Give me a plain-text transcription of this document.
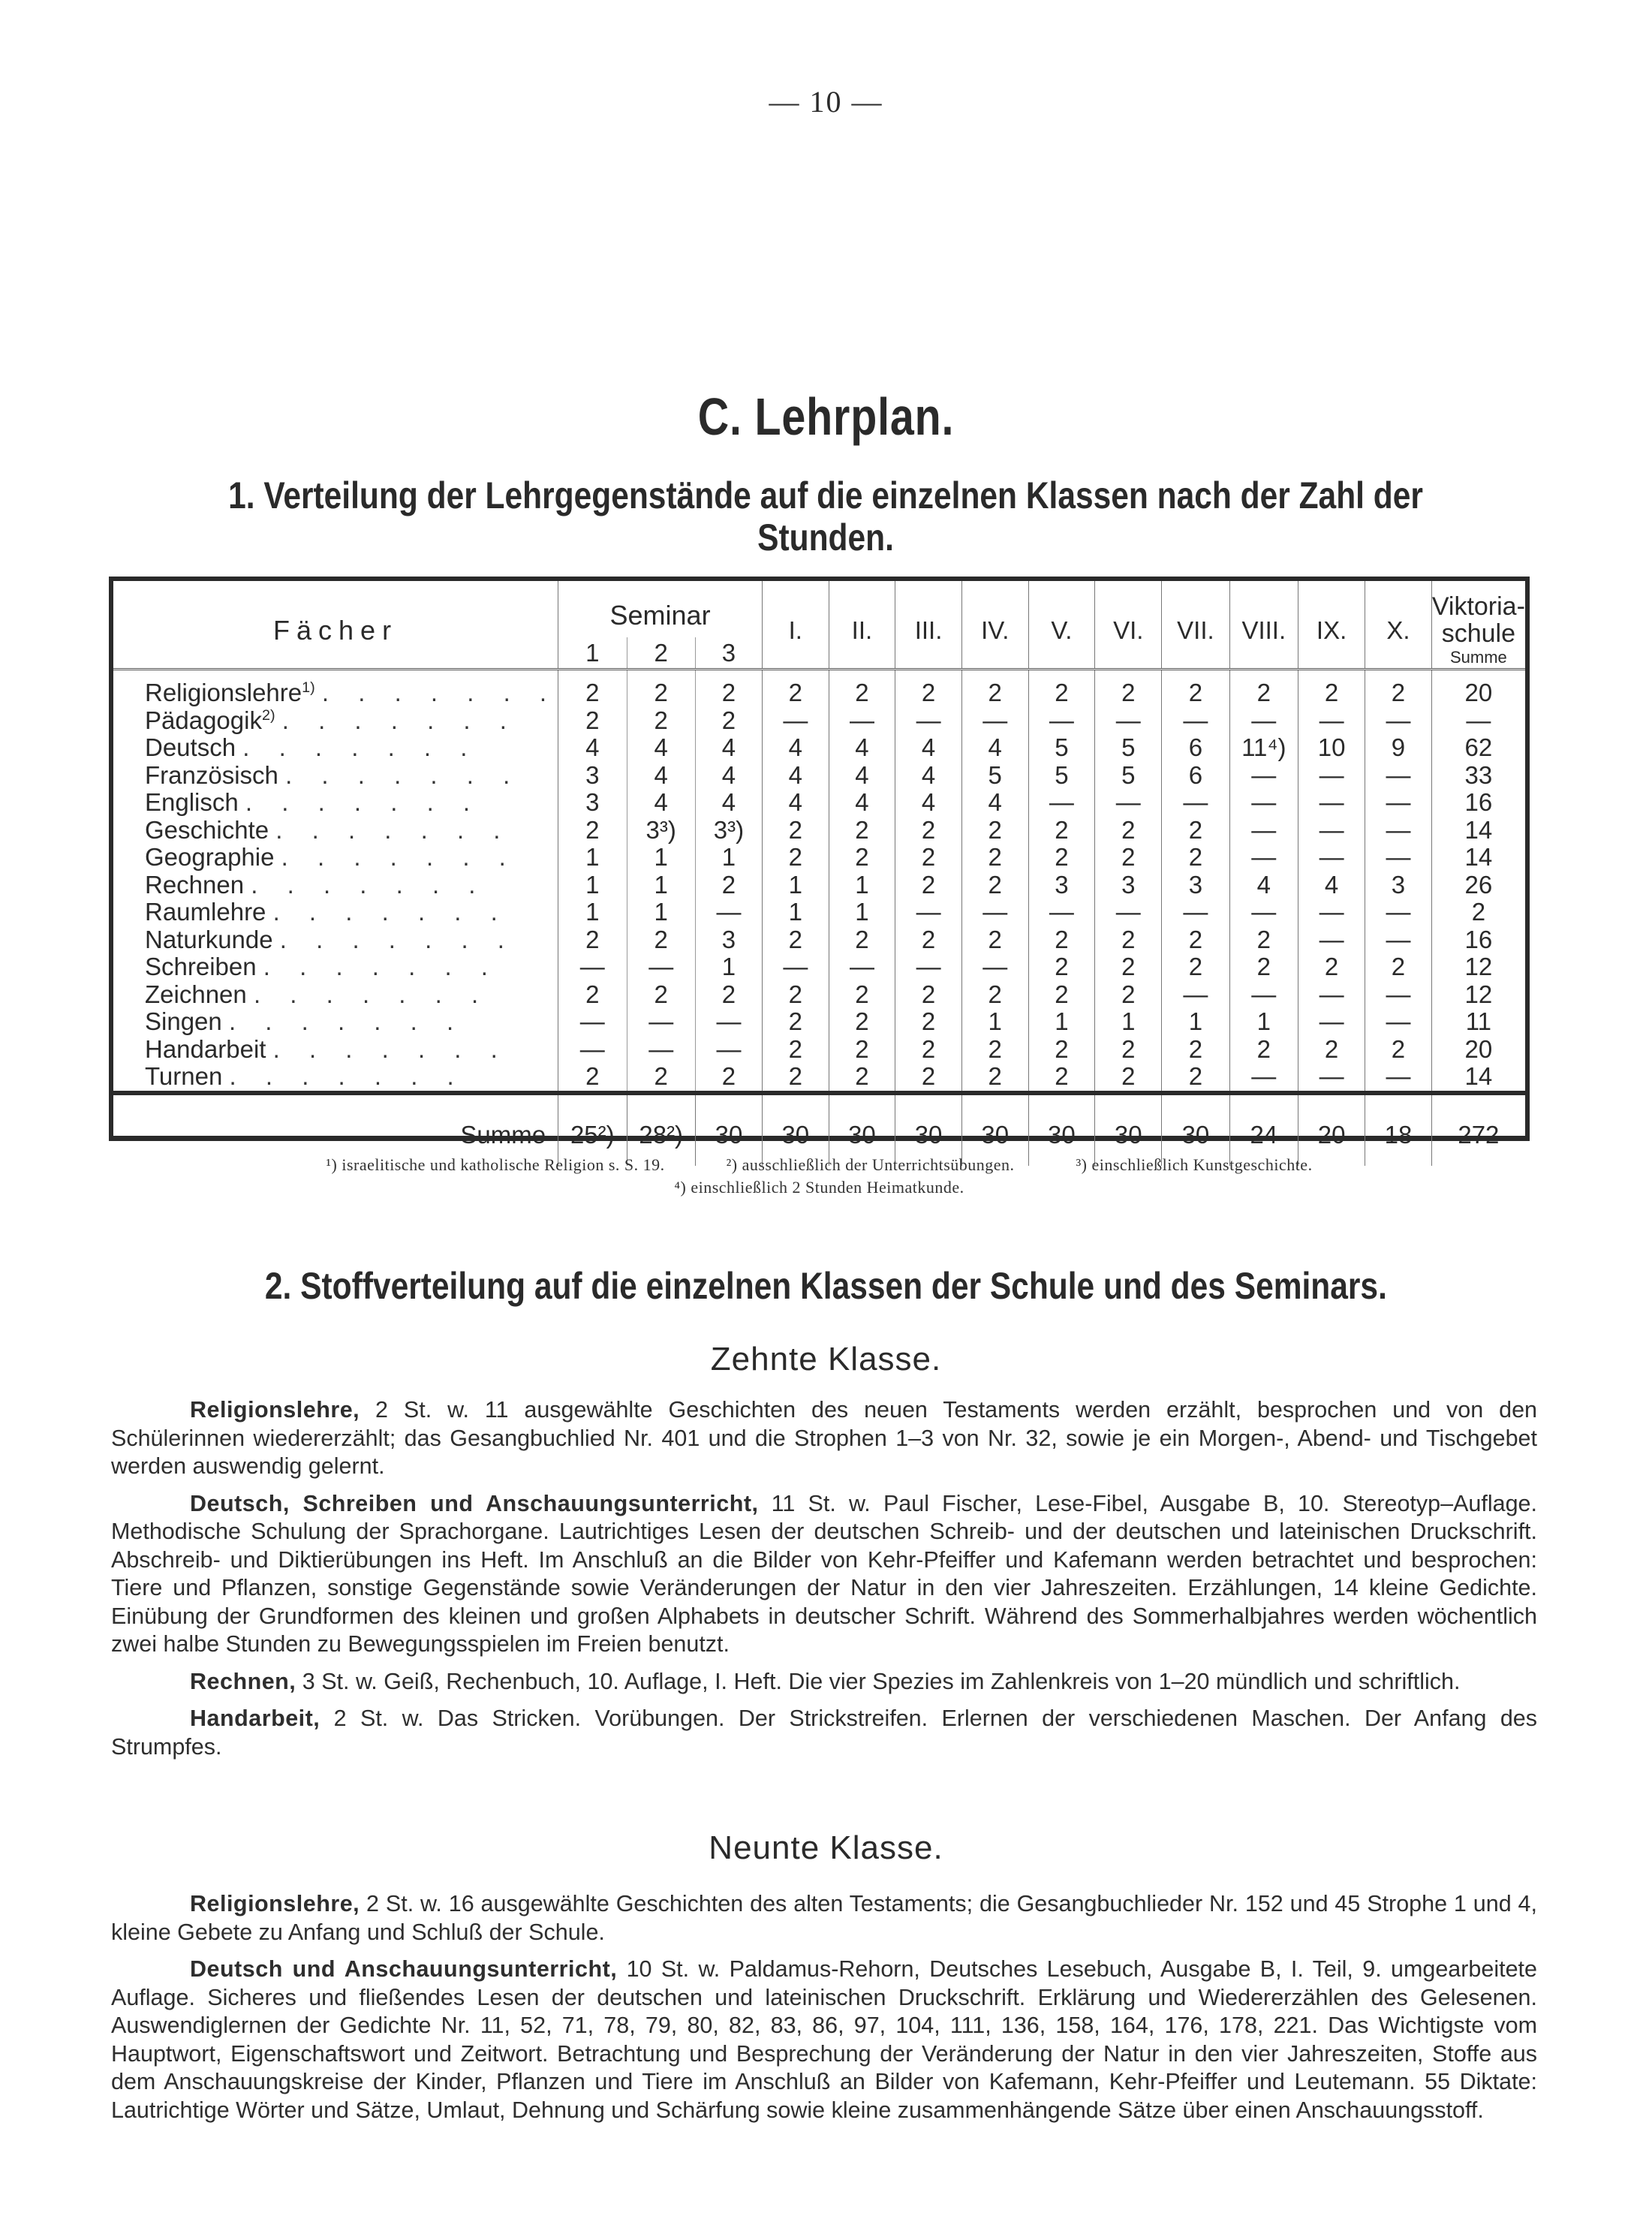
— 10 —
C. Lehrplan.
1. Verteilung der Lehrgegenstände auf die einzelnen Klassen nach der Zahl der Stunden.
Fächer	Seminar			I.	II.	III.	IV.	V.	VI.	VII.	VIII.	IX.	X.	Viktoria-schule
Summe

	1	2	3											
Religionslehre$^{1)}$ . . . . . . .	2	2	2	2	2	2	2	2	2	2	2	2	2	20
Pädagogik$^{2)}$ . . . . . . .	2	2	2	—	—	—	—	—	—	—	—	—	—	—
Deutsch . . . . . . .	4	4	4	4	4	4	4	5	5	6	11⁴)	10	9	62
Französisch . . . . . . .	3	4	4	4	4	4	5	5	5	6	—	—	—	33
Englisch . . . . . . .	3	4	4	4	4	4	4	—	—	—	—	—	—	16
Geschichte . . . . . . .	2	3³)	3³)	2	2	2	2	2	2	2	—	—	—	14
Geographie . . . . . . .	1	1	1	2	2	2	2	2	2	2	—	—	—	14
Rechnen . . . . . . .	1	1	2	1	1	2	2	3	3	3	4	4	3	26
Raumlehre . . . . . . .	1	1	—	1	1	—	—	—	—	—	—	—	—	2
Naturkunde . . . . . . .	2	2	3	2	2	2	2	2	2	2	2	—	—	16
Schreiben . . . . . . .	—	—	1	—	—	—	—	2	2	2	2	2	2	12
Zeichnen . . . . . . .	2	2	2	2	2	2	2	2	2	—	—	—	—	12
Singen . . . . . . .	—	—	—	2	2	2	1	1	1	1	1	—	—	11
Handarbeit . . . . . . .	—	—	—	2	2	2	2	2	2	2	2	2	2	20
Turnen . . . . . . .	2	2	2	2	2	2	2	2	2	2	—	—	—	14
Summe	25²)	28²)	30	30	30	30	30	30	30	30	24	20	18	272
¹) israelitische und katholische Religion s. S. 19.	²) ausschließlich der Unterrichtsübungen.	³) einschließlich Kunstgeschichte.
⁴) einschließlich 2 Stunden Heimatkunde.
2. Stoffverteilung auf die einzelnen Klassen der Schule und des Seminars.
Zehnte Klasse.

Religionslehre, 2 St. w. 11 ausgewählte Geschichten des neuen Testaments werden erzählt, besprochen und von den Schülerinnen wiedererzählt; das Gesangbuchlied Nr. 401 und die Strophen 1–3 von Nr. 32, sowie je ein Morgen-, Abend- und Tischgebet werden auswendig gelernt.

Deutsch, Schreiben und Anschauungsunterricht, 11 St. w. Paul Fischer, Lese-Fibel, Ausgabe B, 10. Stereotyp–Auflage. Methodische Schulung der Sprachorgane. Lautrichtiges Lesen der deutschen Schreib- und der deutschen und lateinischen Druckschrift. Abschreib- und Diktierübungen ins Heft. Im Anschluß an die Bilder von Kehr-Pfeiffer und Kafemann werden betrachtet und besprochen: Tiere und Pflanzen, sonstige Gegenstände sowie Veränderungen der Natur in den vier Jahreszeiten. Erzählungen, 14 kleine Gedichte. Einübung der Grundformen des kleinen und großen Alphabets in deutscher Schrift. Während des Sommerhalbjahres werden wöchentlich zwei halbe Stunden zu Bewegungsspielen im Freien benutzt.

Rechnen, 3 St. w. Geiß, Rechenbuch, 10. Auflage, I. Heft. Die vier Spezies im Zahlenkreis von 1–20 mündlich und schriftlich.

Handarbeit, 2 St. w. Das Stricken. Vorübungen. Der Strickstreifen. Erlernen der verschiedenen Maschen. Der Anfang des Strumpfes.

Neunte Klasse.

Religionslehre, 2 St. w. 16 ausgewählte Geschichten des alten Testaments; die Gesangbuchlieder Nr. 152 und 45 Strophe 1 und 4, kleine Gebete zu Anfang und Schluß der Schule.

Deutsch und Anschauungsunterricht, 10 St. w. Paldamus-Rehorn, Deutsches Lesebuch, Ausgabe B, I. Teil, 9. umgearbeitete Auflage. Sicheres und fließendes Lesen der deutschen und lateinischen Druckschrift. Erklärung und Wiedererzählen des Gelesenen. Auswendiglernen der Gedichte Nr. 11, 52, 71, 78, 79, 80, 82, 83, 86, 97, 104, 111, 136, 158, 164, 176, 178, 221. Das Wichtigste vom Hauptwort, Eigenschaftswort und Zeitwort. Betrachtung und Besprechung der Veränderung der Natur in den vier Jahreszeiten, Stoffe aus dem Anschauungskreise der Kinder, Pflanzen und Tiere im Anschluß an Bilder von Kafemann, Kehr-Pfeiffer und Leutemann. 55 Diktate: Lautrichtige Wörter und Sätze, Umlaut, Dehnung und Schärfung sowie kleine zusammenhängende Sätze über einen Anschauungsstoff.
